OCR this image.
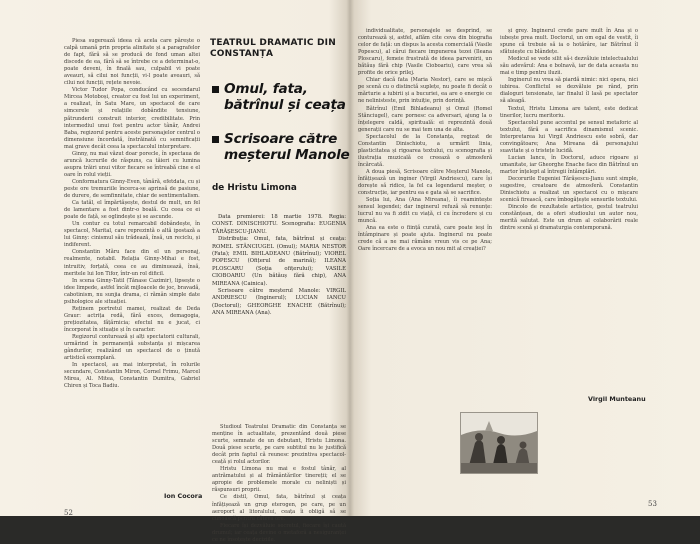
Piesa sugerează ideea că acela care părește o calpă umană prin propria alinitate și a paragrafelor de fapt, fără să se producă de fond uman altei discede de ea, fără să se întrebe ce a determinat-o, poate deveni, în finală sau, culpabil vi poate aveauri, să cilui noi funcții, vi-l poate aveauri, să cilui noi funcții, rețete nevoie.

Victor Tudor Popa, conducând cu secendarul Mircea Motoboși, creator cu fost lui un experiment, a realizat, în Satu Mare, un spectacol de care simcerele și relațiile dobândite tensiune, pătrunderii construit interior, credibilitate. Prin intermediul unui fost pentru actor tânăr, Andrei Baba, regizorul pentru aceste personajelor centrul o dimensiune încordată, înstrăinată cu semnificații mai grave decât ceea la spectacolul interpretare.

Ginny, nu mai văzut doar porecle, în spectaua de aruncă lucrurile de răspuns, ca tăieri cu lumina asupra trăiri unui viitor fiecare se întreabă cine e el oare în rolul vieții.

Conformatura Ginny-Even, tânără, efetdata, cu și peste ore tremuriile încerca-se aprinsă de pasiune, de durere, de semfinnitate, chiar de sentimentalism.

Ca tatăl, el împărtășește, destul de mult, un fel de lamentare a fost dintr-o boală. Cu ceea ce ei poate de față, se oglindește și se ascunde.

Un contur cu totul remarcabil dobândește, în spectacol, Marital, care reprezintă o altă ipostază a lui Ginny: cinismul său trădează, însă, un reciclu, și indiferent.

Constantin Măru face din el un personaj, realmente, notabil. Relația Ginny-Mihai e fost, intruitiv, forțată, ceea ce au diminuează, însă, meritele lui Ion Tifor, într-un rol dificil.

In scena Ginny-Tatil (Tănase Cazimir), lipsește o idee limpede, astfel încât mijloacele de joc, bravadă, cabotinism, nu sunjia drama, ci rămân simple date psihologice ale situației.

Reținem portretul mamei, realizat de Deda Graur: actrița redă, fără exces, demagogia, prețiozitatea, fățărnicia; efectul nu e jucat, ci încorporat în situație și în caracter.

Regizorul conturează și alți spectatorii culturali, urmărind în permanență substanța și mișcarea gândurilor, realizând un spectacol de o ținută artistică exemplară.

In spectacol, au mai interpretat, în rolurile secundare, Constantin Miron, Cornel Frimu, Marcel Mirea, Al. Mitea, Constantin Dumitra, Gabriel Chiren și Toca Badiu.

Ion Cocora
52
TEATRUL DRAMATIC DIN CONSTANȚA
Omul, fata,
bătrînul și ceața
Scrisoare către
meșterul Manole
de Hristu Limona

Data premierei: 18 martie 1978. Regia: CONST. DINISCHIOTU. Scenografia: EUGENIA TĂRĂȘESCU-JIANU.

Distribuția: Omul, fata, bătrînul și ceața: ROMEL STĂNCIUGEL (Omul); MARIA NESTOR (Fata); EMIL BIHLADEANU (Bătrînul); VIOREL POPESCU (Ofițerul de marină); ILEANA PLOSCARU (Soția ofițerului); VASILE CIOBOARIU (Un bătăuș fără chip), ANA MIREANA (Cainica).

Scrisoare către meșterul Manole: VIRGIL ANDRIESCU (Inginerul); LUCIAN IANCU (Doctorul); GHEORGHE ENACHE (Bătrînul); ANA MIREANA (Ana).

Studioul Teatrului Dramatic din Constanța se menține în actualitate, prezentând două piese scurte, semnate de un debutant, Hristu Limona. Două piese scurte, pe care subtitul nu le justifică decât prin faptul că reunesc prezintiva spectacol-ceață și rolul actorilor.

Hristu Limona nu mai e fostul tânăr, al antrămatului și al frământărilor tinereții; el se apropie de problemele morale cu neliniști și răspunsuri proprii.

Ce distil, Omul, fata, bătrînul și ceața înfățișează un grup eterogen, pe care, pe un aeroport al litoralului, ceața îi obligă să se cunoască pentru câteva ore.

Fiecare își dezvăluie secretul, fiecare își caută drumul; iar ceața devine o metaforă a nesiguranței ce ne însoțește deciziile.

individualitate, personajele se desprind, se conturează și, astfel, aflăm cite ceva din biografia celor de față: un dispus la acesta comercială (Vasile Popescu), al cărui fiecare impunerea tezei (Ileana Ploscaru), femeie frustrată de ideea parvenirii, un bătăuș fără chip (Vasile Cioboariu), care vrea să profite de orice prilej.

Chiar dacă fata (Maria Nestor), care se mișcă pe scenă cu o distinctă suplețe, nu poate fi decât o mărturie a iubirii și a bucuriei, ea are o energie ce ne nelinisteste, prin intuiție, prin dorință.

Bătrînul (Emil Bihladeanu) și Omul (Romel Stănciugel), care pornesc ca adversari, ajung la o înțelegere caldă, spirituală: ei reprezintă două generații care nu se mai tem una de alta.

Spectacolul de la Constanța, regizat de Constantin Dinischiotu, a urmărit linia, plasticitatea și rigoarea textului, cu scenografia și ilustrația muzicală ce creează o atmosferă încărcată.

A doua piesă, Scrisoare către Meșterul Manole, înfățișează un inginer (Virgil Andriescu), care își dorește să ridice, la fel ca legendarul meșter, o construcție, iar pentru ea e gata să se sacrifice.

Soția lui, Ana (Ana Mireana), îi reamintește sensul legendei; dar inginerul refuză să renunțe: lucrul nu va fi zidit cu viață, ci cu încredere și cu muncă.

Ana ea este o ființă curată, care poate ieși în întâmpinare și poate ajuta. Inginerul nu poate crede că a ne mai rămâne vreun vis ce pe Ana; Oare încercare de a evoca un nou mit al creației?

și grey. Inginerul crede pare mult în Ana și o iubește prea mult. Doctorul, un om egal de vestit, îi spune că trebuie să ia o hotărâre, iar Bătrînul îl sfătuiește cu blândețe.

Medicul se vede silit să-i dezvăluie intelectualului său adevărul: Ana e bolnavă, iar de data aceasta nu mai e timp pentru iluzii.

Inginerul nu vrea să piardă nimic: nici opera, nici iubirea. Conflictul se dezvăluie pe rând, prin dialoguri tensionate, iar finalul îl lasă pe spectator să aleagă.

Textul, Hristu Limona are talent, este dedicat tinerilor, lucru meritoriu.

Spectacolul pune accentul pe sensul metaforic al textului, fără a sacrifica dinamismul scenic. Interpretarea lui Virgil Andriescu este sobră, dar convingătoare; Ana Mireana dă personajului suavitate și o tristețe lucidă.

Lucian Iancu, în Doctorul, aduce rigoare și umanitate, iar Gheorghe Enache face din Bătrînul un martor înțelept al întregii întâmplări.

Decorurile Eugeniei Tărășescu-Jianu sunt simple, sugestive, creatoare de atmosferă. Constantin Dinischiotu a realizat un spectacol cu o mișcare scenică firească, care îmbogățește sensurile textului.

Dincolo de rezultatele artistice, gestul teatrului constănțean, de a oferi studioului un autor nou, merită salutat. Este un drum al colaborării reale dintre scenă și dramaturgia contemporană.

Virgil Munteanu
53
